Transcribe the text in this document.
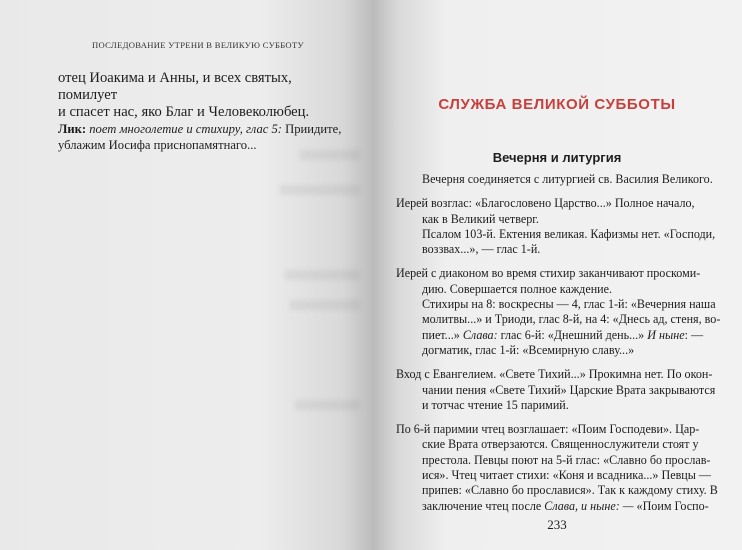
ПОСЛЕДОВАНИЕ УТРЕНИ В ВЕЛИКУЮ СУББОТУ

отец Иоакима и Анны, и всех святых, помилует

и спасет нас, яко Благ и Человеколюбец.

Лик: поет многолетие и стихиру, глас 5: Приидите,

ублажим Иосифа приснопамятнаго...

СЛУЖБА ВЕЛИКОЙ СУББОТЫ
Вечерня и литургия

Вечерня соединяется с литургией св. Василия Великого.

Иерей возглас: «Благословено Царство...» Полное начало,

как в Великий четверг.

Псалом 103-й. Ектения великая. Кафизмы нет. «Господи,

воззвах...», — глас 1-й.

Иерей с диаконом во время стихир заканчивают проскоми-

дию. Совершается полное каждение.

Стихиры на 8: воскресны — 4, глас 1-й: «Вечерния наша

молитвы...» и Триоди, глас 8-й, на 4: «Днесь ад, стеня, во-

пиет...» Слава: глас 6-й: «Днешний день...» И ныне: —

догматик, глас 1-й: «Всемирную славу...»

Вход с Евангелием. «Свете Тихий...» Прокимна нет. По окон-

чании пения «Свете Тихий» Царские Врата закрываются

и тотчас чтение 15 паримий.

По 6-й паримии чтец возглашает: «Поим Господеви». Цар-

ские Врата отверзаются. Священнослужители стоят у

престола. Певцы поют на 5-й глас: «Славно бо прослав-

ися». Чтец читает стихи: «Коня и всадника...» Певцы —

припев: «Славно бо прославися». Так к каждому стиху. В

заключение чтец после Слава, и ныне: — «Поим Госпо-

233
